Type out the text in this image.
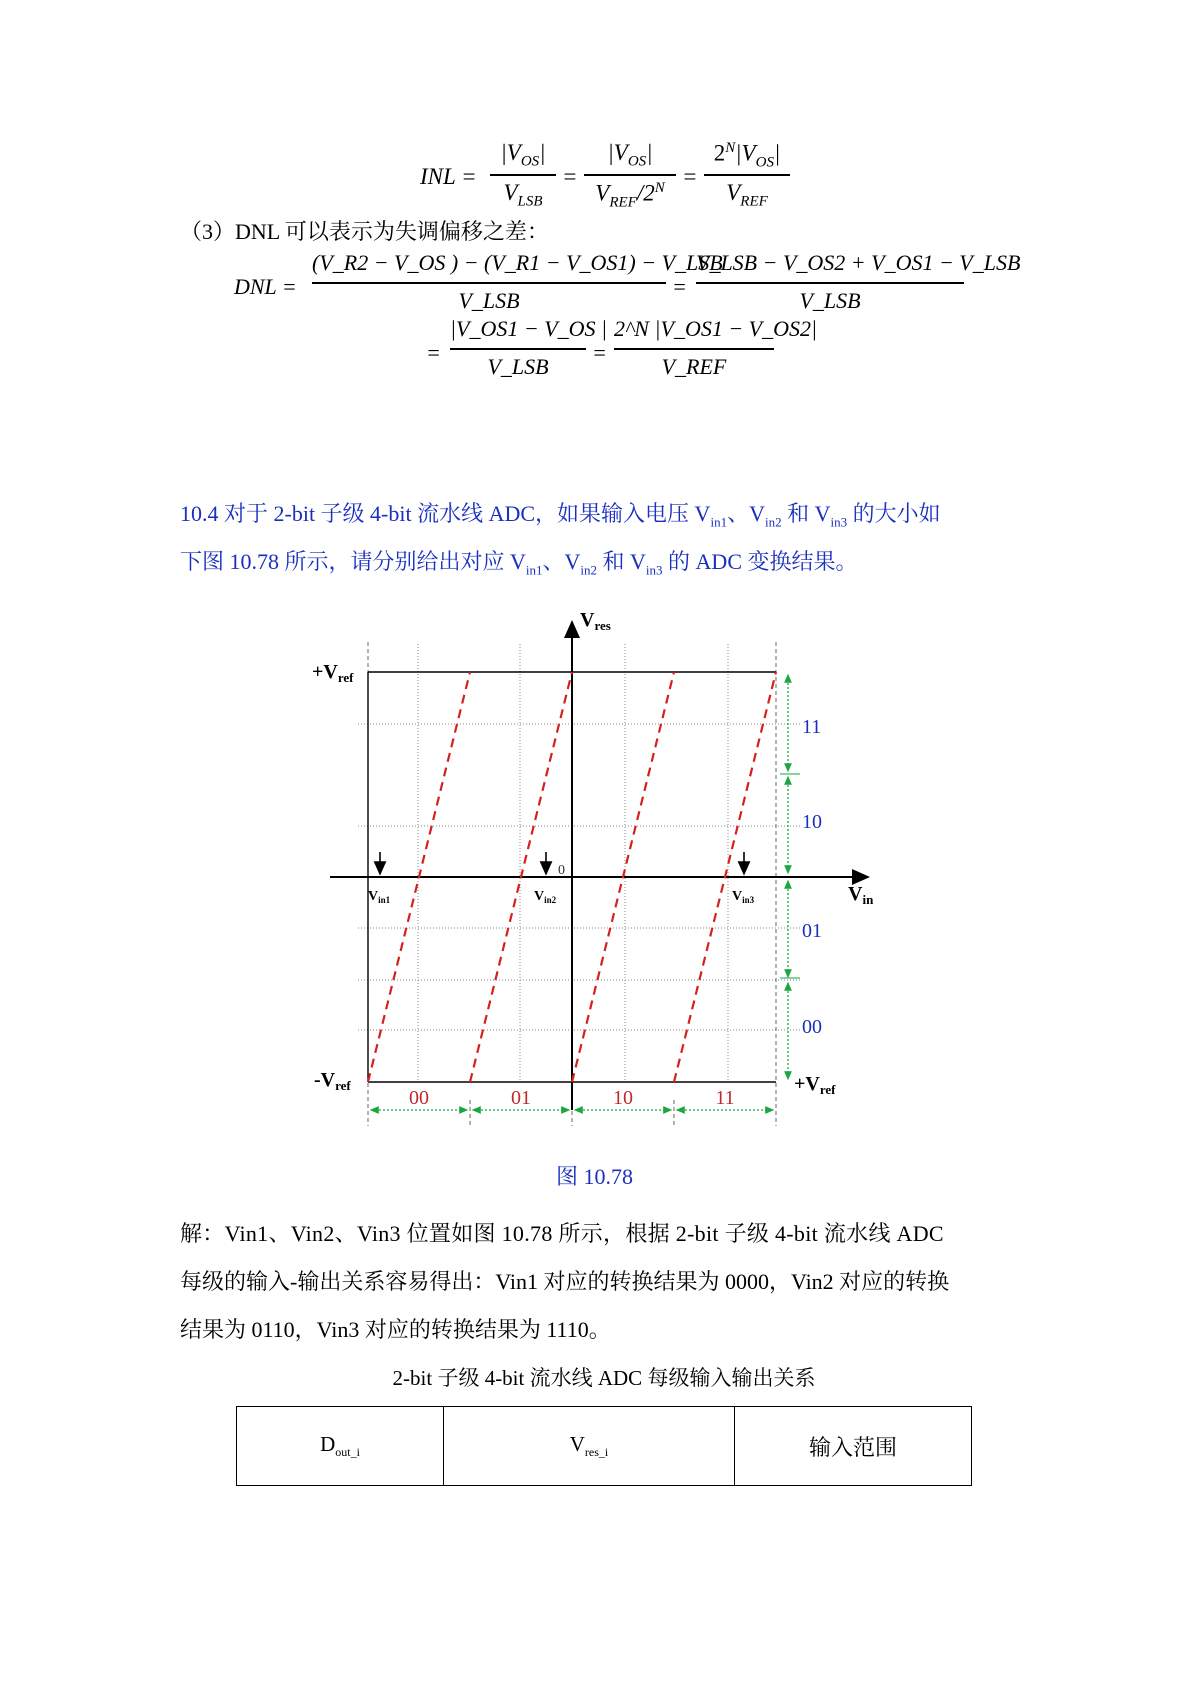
INL =
$|V_{OS}|$
$V_{LSB}$
=
$|V_{OS}|$
$V_{REF}/2^N$ =
$2^N|V_{OS}|$
$V_{REF}$
（3）DNL 可以表示为失调偏移之差：
DNL =
(V_R2 − V_OS ) − (V_R1 − V_OS1) − V_LSB
V_LSB
=
V_LSB − V_OS2 + V_OS1 − V_LSB
V_LSB
=
|V_OS1 − V_OS |
V_LSB
=
2^N |V_OS1 − V_OS2|
V_REF
10.4 对于 2-bit 子级 4-bit 流水线 ADC，如果输入电压 $V_{in1}$、$V_{in2}$ 和 $V_{in3}$ 的大小如
下图 10.78 所示，请分别给出对应 $V_{in1}$、$V_{in2}$ 和 $V_{in3}$ 的 ADC 变换结果。
$V_{res}$
$V_{in}$
$+V_{ref}$
$-V_{ref}$	$+V_{ref}$
0
$V_{in1}$	$V_{in2}$	$V_{in3}$
11
10
01
00
00	01	10	11
图 10.78
解：Vin1、Vin2、Vin3 位置如图 10.78 所示，根据 2-bit 子级 4-bit 流水线 ADC
每级的输入-输出关系容易得出：Vin1 对应的转换结果为 0000，Vin2 对应的转换
结果为 0110，Vin3 对应的转换结果为 1110。
2-bit 子级 4-bit 流水线 ADC 每级输入输出关系
$D_{out\_i}$	$V_{res\_i}$	输入范围
